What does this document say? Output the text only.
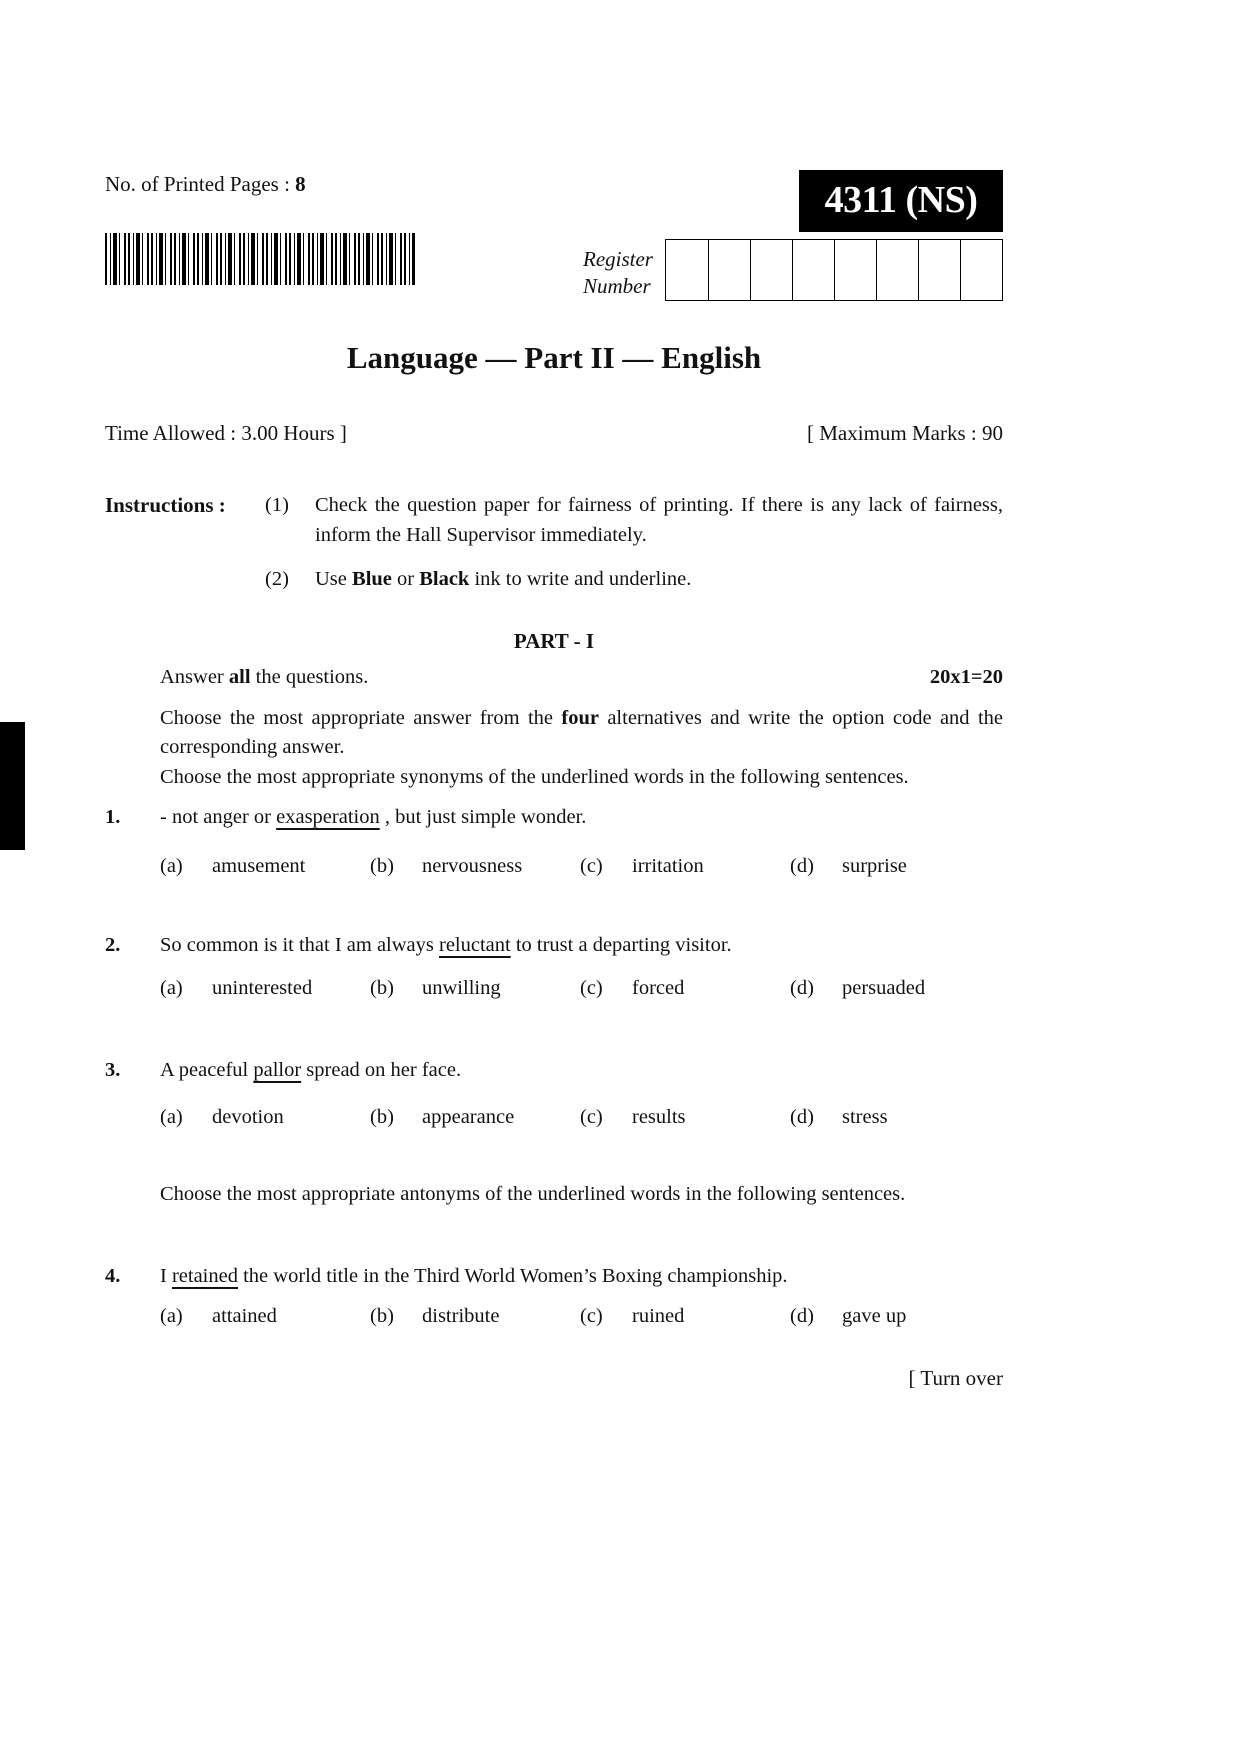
No. of Printed Pages : 8	4311 (NS)
Register
Number
Language — Part II — English
Time Allowed : 3.00 Hours ]	[ Maximum Marks : 90
Instructions :	(1)	Check the question paper for fairness of printing. If there is any lack of fairness, inform the Hall Supervisor immediately.
(2)	Use Blue or Black ink to write and underline.
PART - I
Answer all the questions.	20x1=20
Choose the most appropriate answer from the four alternatives and write the option code and the corresponding answer.
Choose the most appropriate synonyms of the underlined words in the following sentences.
1.	- not anger or exasperation , but just simple wonder.
(a) amusement	(b) nervousness	(c) irritation	(d) surprise
2.	So common is it that I am always reluctant to trust a departing visitor.
(a) uninterested	(b) unwilling	(c) forced	(d) persuaded
3.	A peaceful pallor spread on her face.
(a) devotion	(b) appearance	(c) results	(d) stress
Choose the most appropriate antonyms of the underlined words in the following sentences.
4.	I retained the world title in the Third World Women’s Boxing championship.
(a) attained	(b) distribute	(c) ruined	(d) gave up
[ Turn over
